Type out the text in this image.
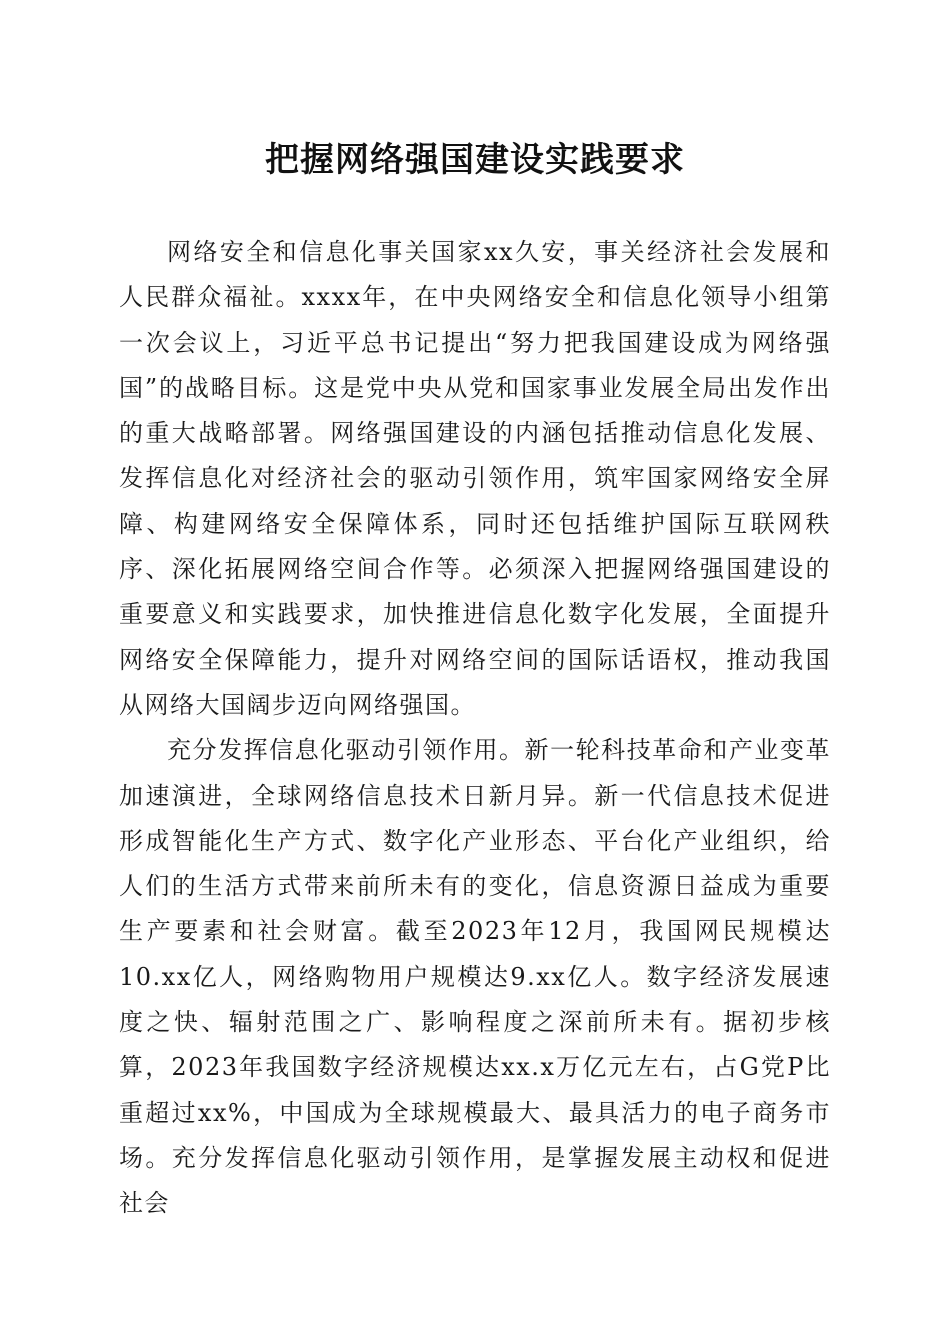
把握网络强国建设实践要求

网络安全和信息化事关国家xx久安，事关经济社会发展和人民群众福祉。xxxx年，在中央网络安全和信息化领导小组第一次会议上，习近平总书记提出“努力把我国建设成为网络强国”的战略目标。这是党中央从党和国家事业发展全局出发作出的重大战略部署。网络强国建设的内涵包括推动信息化发展、发挥信息化对经济社会的驱动引领作用，筑牢国家网络安全屏障、构建网络安全保障体系，同时还包括维护国际互联网秩序、深化拓展网络空间合作等。必须深入把握网络强国建设的重要意义和实践要求，加快推进信息化数字化发展，全面提升网络安全保障能力，提升对网络空间的国际话语权，推动我国从网络大国阔步迈向网络强国。

充分发挥信息化驱动引领作用。新一轮科技革命和产业变革加速演进，全球网络信息技术日新月异。新一代信息技术促进形成智能化生产方式、数字化产业形态、平台化产业组织，给人们的生活方式带来前所未有的变化，信息资源日益成为重要生产要素和社会财富。截至2023年12月，我国网民规模达10.xx亿人，网络购物用户规模达9.xx亿人。数字经济发展速度之快、辐射范围之广、影响程度之深前所未有。据初步核算，2023年我国数字经济规模达xx.x万亿元左右，占G党P比重超过xx%，中国成为全球规模最大、最具活力的电子商务市场。充分发挥信息化驱动引领作用，是掌握发展主动权和促进社会
